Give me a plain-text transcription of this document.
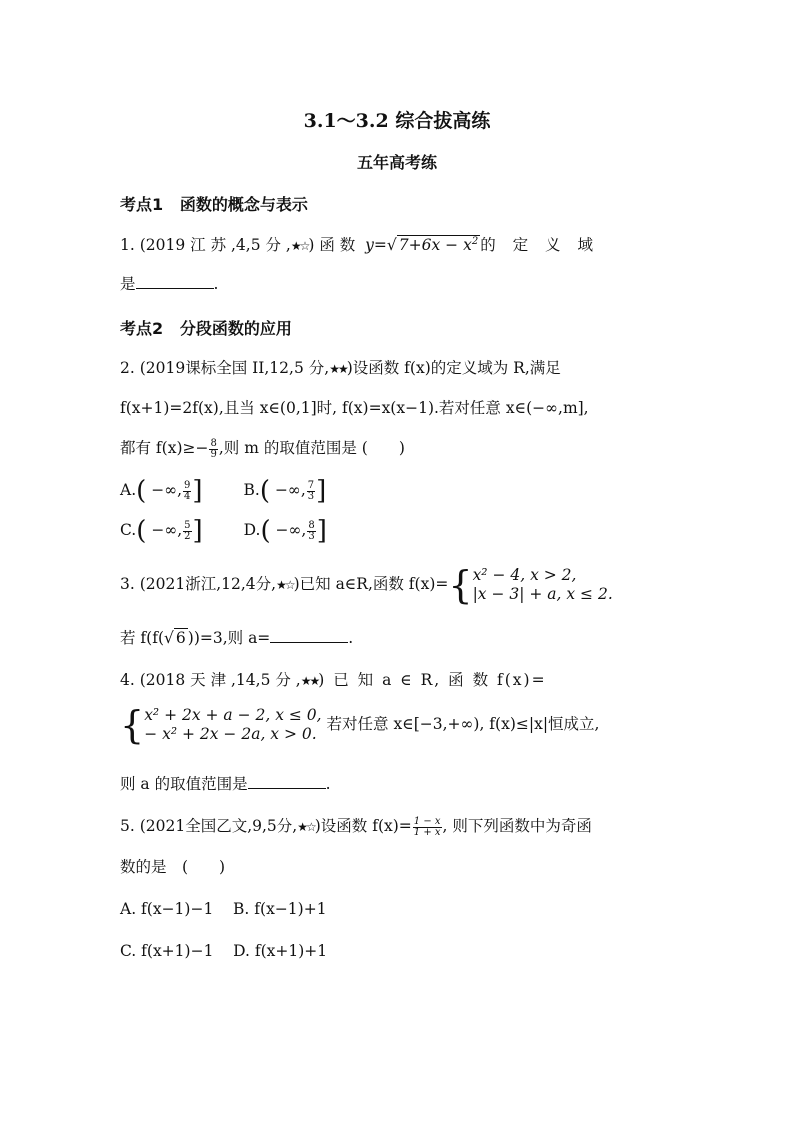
3.1～3.2 综合拔高练
五年高考练
考点1 函数的概念与表示
1. (2019 江 苏 ,4,5 分 ,★☆) 函 数 y=√ $7+6x - x^2$ 的 定 义 域
是	.
考点2 分段函数的应用
2. (2019课标全国 II,12,5 分,★★)设函数 f(x)的定义域为 R,满足
f(x+1)=2f(x),且当 x∈(0,1]时, f(x)=x(x−1).若对任意 x∈(−∞,m],
都有 $f(x)\ge- \frac{8}{9}$ ,则 m 的取值范围是 (　　)
A.( −∞, $\frac{9}{4}$ ]	B.( −∞, $\frac{7}{3}$ ]
C.( −∞, $\frac{5}{2}$ ]	D.( −∞, $\frac{8}{3}$ ]
3. (2021浙江,12,4分,★☆)已知 a∈R,函数 f(x)={ x² − 4, x > 2,
|x − 3| + a, x ≤ 2.
若 f(f(√ 6 ))=3,则 a=	.
4. (2018 天 津 ,14,5 分 ,★★) 已 知 a ∈ R, 函 数 f(x)=
{ x² + 2x + a − 2, x ≤ 0,
− x² + 2x − 2a, x > 0.
若对任意 x∈[−3,+∞), f(x)≤|x|恒成立,
则 a 的取值范围是	.
5. (2021全国乙文,9,5分,★☆)设函数 $f(x)= \frac{1 - x}{1 + x}$ , 则下列函数中为奇函
数的是　(　　)
A. f(x−1)−1 B. f(x−1)+1
C. f(x+1)−1 D. f(x+1)+1
